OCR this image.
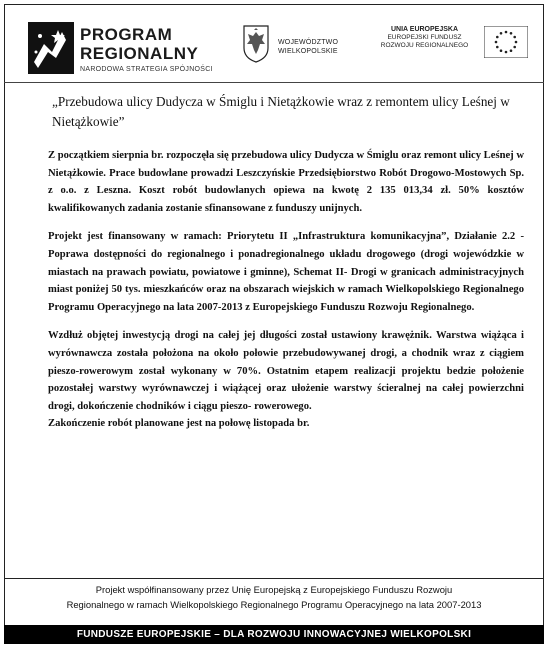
PROGRAM
REGIONALNY
NARODOWA STRATEGIA SPÓJNOŚCI
WOJEWÓDZTWO
WIELKOPOLSKIE
UNIA EUROPEJSKA
EUROPEJSKI FUNDUSZ
ROZWOJU REGIONALNEGO
„Przebudowa ulicy Dudycza w Śmiglu i Nietążkowie wraz z remontem ulicy Leśnej w Nietążkowie”

Z początkiem sierpnia br. rozpoczęła się przebudowa ulicy Dudycza w Śmiglu oraz remont ulicy Leśnej w Nietążkowie. Prace budowlane prowadzi Leszczyńskie Przedsiębiorstwo Robót Drogowo-Mostowych Sp. z o.o. z Leszna. Koszt robót budowlanych opiewa na kwotę 2 135 013,34 zł. 50% kosztów kwalifikowanych zadania zostanie sfinansowane z funduszy unijnych.

Projekt jest finansowany w ramach: Priorytetu II „Infrastruktura komunikacyjna”, Działanie 2.2 - Poprawa dostępności do regionalnego i ponadregionalnego układu drogowego (drogi wojewódzkie w miastach na prawach powiatu, powiatowe i gminne), Schemat II- Drogi w granicach administracyjnych miast poniżej 50 tys. mieszkańców oraz na obszarach wiejskich w ramach Wielkopolskiego Regionalnego Programu Operacyjnego na lata 2007-2013 z Europejskiego Funduszu Rozwoju Regionalnego.

Wzdłuż objętej inwestycją drogi na całej jej długości został ustawiony krawężnik. Warstwa wiążąca i wyrównawcza została położona na około połowie przebudowywanej drogi, a chodnik wraz z ciągiem pieszo-rowerowym został wykonany w 70%. Ostatnim etapem realizacji projektu bedzie położenie pozostałej warstwy wyrównawczej i wiążącej oraz ułożenie warstwy ścieralnej na całej powierzchni drogi, dokończenie chodników i ciągu pieszo- rowerowego.

Zakończenie robót planowane jest na połowę listopada br.

Projekt współfinansowany przez Unię Europejską z Europejskiego Funduszu Rozwoju
Regionalnego w ramach Wielkopolskiego Regionalnego Programu Operacyjnego na lata 2007-2013
FUNDUSZE EUROPEJSKIE – DLA ROZWOJU INNOWACYJNEJ WIELKOPOLSKI
